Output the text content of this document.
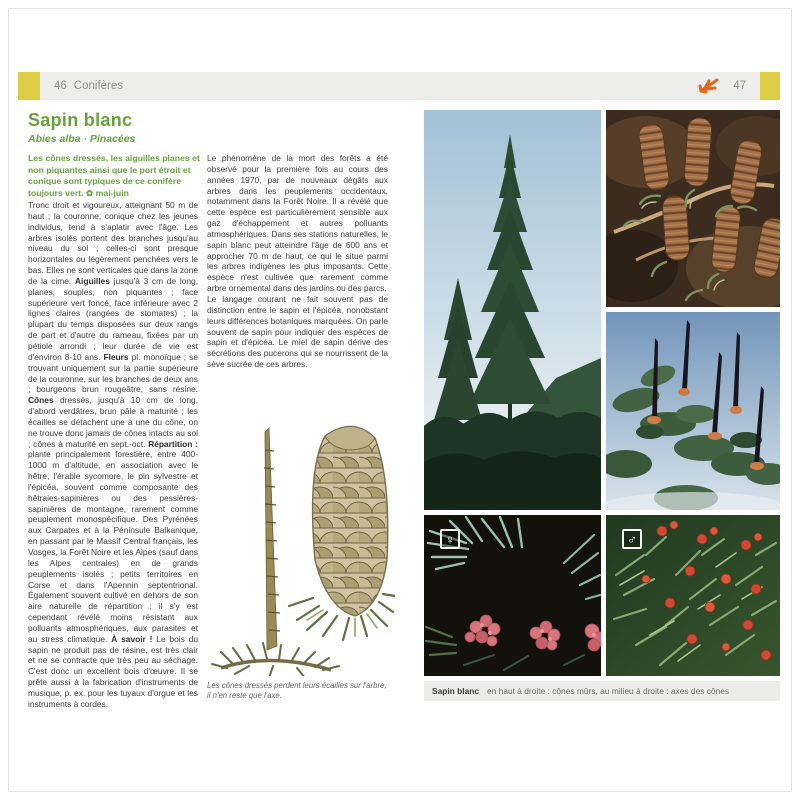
46 Conifères	47
Sapin blanc
Abies alba · Pinacées

Les cônes dressés, les aiguilles planes et non piquantes ainsi que le port étroit et conique sont typiques de ce conifère toujours vert. ✿ mai-juin

Tronc droit et vigoureux, atteignant 50 m de haut ; la couronne, conique chez les jeunes individus, tend à s'aplatir avec l'âge. Les arbres isolés portent des branches jusqu'au niveau du sol ; celles-ci sont presque horizontales ou légèrement penchées vers le bas. Elles ne sont verticales que dans la zone de la cime. Aiguilles jusqu'à 3 cm de long, planes, souples, non piquantes ; face supérieure vert foncé, face inférieure avec 2 lignes claires (rangées de stomates) ; la plupart du temps disposées sur deux rangs de part et d'autre du rameau, fixées par un pétiole arrondi ; leur durée de vie est d'environ 8-10 ans. Fleurs pl. monoïque ; se trouvant uniquement sur la partie supérieure de la couronne, sur les branches de deux ans ; bourgeons brun rougeâtre, sans résine. Cônes dressés, jusqu'à 10 cm de long, d'abord verdâtres, brun pâle à maturité ; les écailles se détachent une à une du cône, on ne trouve donc jamais de cônes intacts au sol ; cônes à maturité en sept.-oct. Répartition : plante principalement forestière, entre 400-1000 m d'altitude, en association avec le hêtre, l'érable sycomore, le pin sylvestre et l'épicéa, souvent comme composante des hêtraies-sapinières ou des pessières-sapinières de montagne, rarement comme peuplement monospécifique. Des Pyrénées aux Carpates et à la Péninsule Balkanique, en passant par le Massif Central français, les Vosges, la Forêt Noire et les Alpes (sauf dans les Alpes centrales) en de grands peuplements isolés ; petits territoires en Corse et dans l'Apennin septentrional. Également souvent cultivé en dehors de son aire naturelle de répartition ; il s'y est cependant révélé moins résistant aux polluants atmosphériques, aux parasites et au stress climatique. À savoir ! Le bois du sapin ne produit pas de résine, est très clair et ne se contracte que très peu au séchage. C'est donc un excellent bois d'œuvre. Il se prête aussi à la fabrication d'instruments de musique, p. ex. pour les tuyaux d'orgue et les instruments à cordes.

Le phénomène de la mort des forêts a été observé pour la première fois au cours des années 1970, par de nouveaux dégâts aux arbres dans les peuplements occidentaux, notamment dans la Forêt Noire. Il a révélé que cette espèce est particulièrement sensible aux gaz d'échappement et autres polluants atmosphériques. Dans ses stations naturelles, le sapin blanc peut atteindre l'âge de 600 ans et approcher 70 m de haut, ce qui le situe parmi les arbres indigènes les plus imposants. Cette espèce n'est cultivée que rarement comme arbre ornemental dans des jardins ou des parcs.

Le langage courant ne fait souvent pas de distinction entre le sapin et l'épicéa, nonobstant leurs différences botaniques marquées. On parle souvent de sapin pour indiquer des espèces de sapin et d'épicéa. Le miel de sapin dérive des sécrétions des pucerons qui se nourrissent de la sève sucrée de ces arbres.

Les cônes dressés perdent leurs écailles sur l'arbre, il n'en reste que l'axe.

♀	♂
Sapin blanc en haut à droite : cônes mûrs, au milieu à droite : axes des cônes
